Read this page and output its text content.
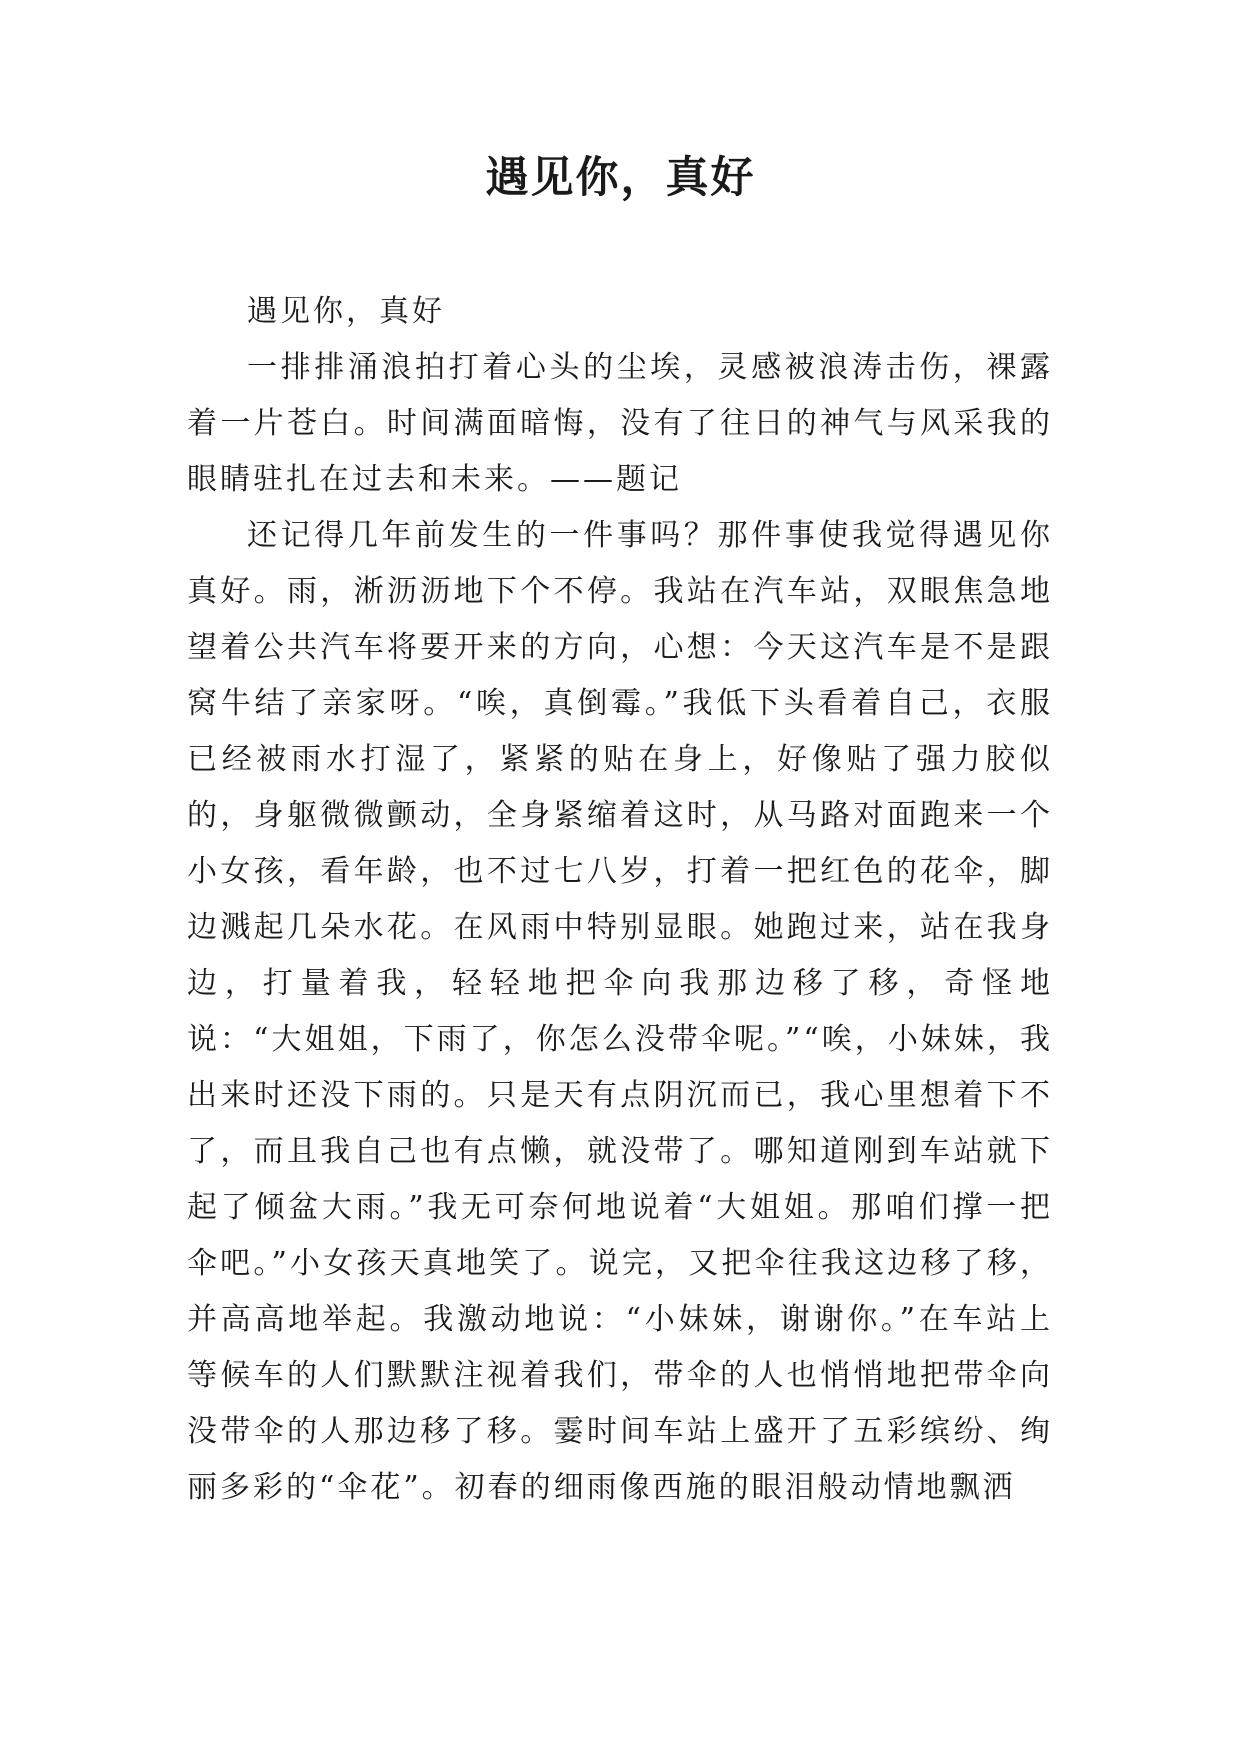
遇见你，真好

遇见你，真好

一排排涌浪拍打着心头的尘埃，灵感被浪涛击伤，裸露着一片苍白。时间满面暗悔，没有了往日的神气与风采我的眼睛驻扎在过去和未来。——题记

还记得几年前发生的一件事吗？那件事使我觉得遇见你真好。雨，淅沥沥地下个不停。我站在汽车站，双眼焦急地望着公共汽车将要开来的方向，心想：今天这汽车是不是跟窝牛结了亲家呀。“唉，真倒霉。”我低下头看着自己，衣服已经被雨水打湿了，紧紧的贴在身上，好像贴了强力胶似的，身躯微微颤动，全身紧缩着这时，从马路对面跑来一个小女孩，看年龄，也不过七八岁，打着一把红色的花伞，脚边溅起几朵水花。在风雨中特别显眼。她跑过来，站在我身边，打量着我，轻轻地把伞向我那边移了移，奇怪地说：“大姐姐，下雨了，你怎么没带伞呢。”“唉，小妹妹，我出来时还没下雨的。只是天有点阴沉而已，我心里想着下不了，而且我自己也有点懒，就没带了。哪知道刚到车站就下起了倾盆大雨。”我无可奈何地说着“大姐姐。那咱们撑一把伞吧。”小女孩天真地笑了。说完，又把伞往我这边移了移，并高高地举起。我激动地说：“小妹妹，谢谢你。”在车站上等候车的人们默默注视着我们，带伞的人也悄悄地把带伞向没带伞的人那边移了移。霎时间车站上盛开了五彩缤纷、绚丽多彩的“伞花”。初春的细雨像西施的眼泪般动情地飘洒
